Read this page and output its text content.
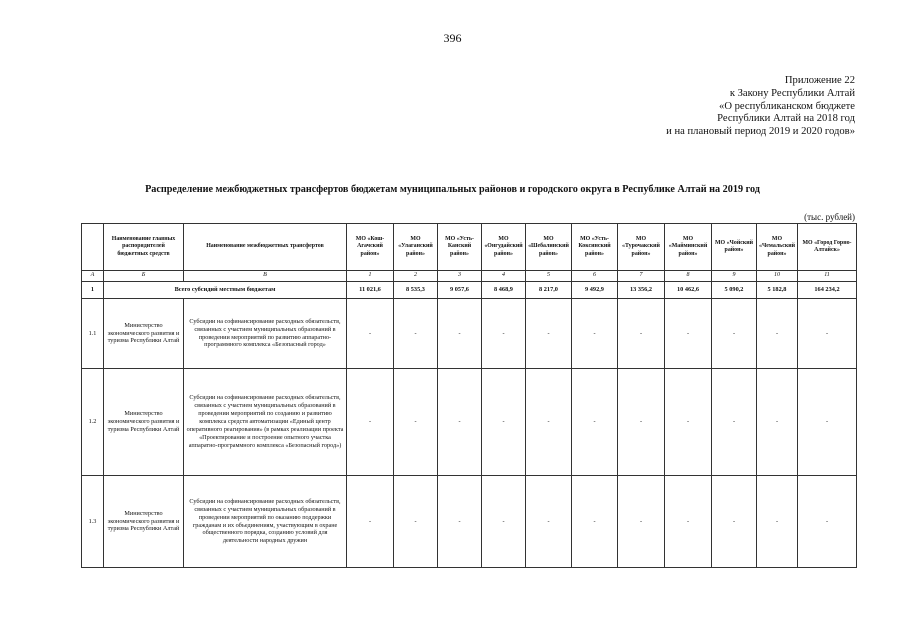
396
Приложение 22
к Закону Республики Алтай
«О республиканском бюджете
Республики Алтай на 2018 год
и на плановый период 2019 и 2020 годов»
Распределение межбюджетных трансфертов бюджетам муниципальных районов и городского округа в Республике Алтай на 2019 год
(тыс. рублей)
	Наименование главных распорядителей бюджетных средств	Наименование межбюджетных трансфертов	МО «Кош-Агачский район»	МО «Улаганский район»	МО «Усть-Канский район»	МО «Онгудайский район»	МО «Шебалинский район»	МО «Усть-Коксинский район»	МО «Турочакский район»	МО «Майминский район»	МО «Чойский район»	МО «Чемальский район»	МО «Город Горно-Алтайск»
А	Б	В	1	2	3	4	5	6	7	8	9	10	11
1	Всего субсидий местным бюджетам		11 021,6	8 535,3	9 057,6	8 468,9	8 217,0	9 492,9	13 356,2	10 462,6	5 090,2	5 182,8	164 234,2
1.1	Министерство экономического развития и туризма Республики Алтай	Субсидии на софинансирование расходных обязательств, связанных с участием муниципальных образований в проведении мероприятий по развитию аппаратно-программного комплекса «Безопасный город»	-	-	-	-	-	-	-	-	-	-	-
1.2	Министерство экономического развития и туризма Республики Алтай	Субсидии на софинансирование расходных обязательств, связанных с участием муниципальных образований в проведении мероприятий по созданию и развитию комплекса средств автоматизации «Единый центр оперативного реагирования» (в рамках реализации проекта «Проектирование и построение опытного участка аппаратно-программного комплекса «Безопасный город»)	-	-	-	-	-	-	-	-	-	-	-
1.3	Министерство экономического развития и туризма Республики Алтай	Субсидии на софинансирование расходных обязательств, связанных с участием муниципальных образований в проведении мероприятий по оказанию поддержки гражданам и их объединениям, участвующим в охране общественного порядка, созданию условий для деятельности народных дружин	-	-	-	-	-	-	-	-	-	-	-
